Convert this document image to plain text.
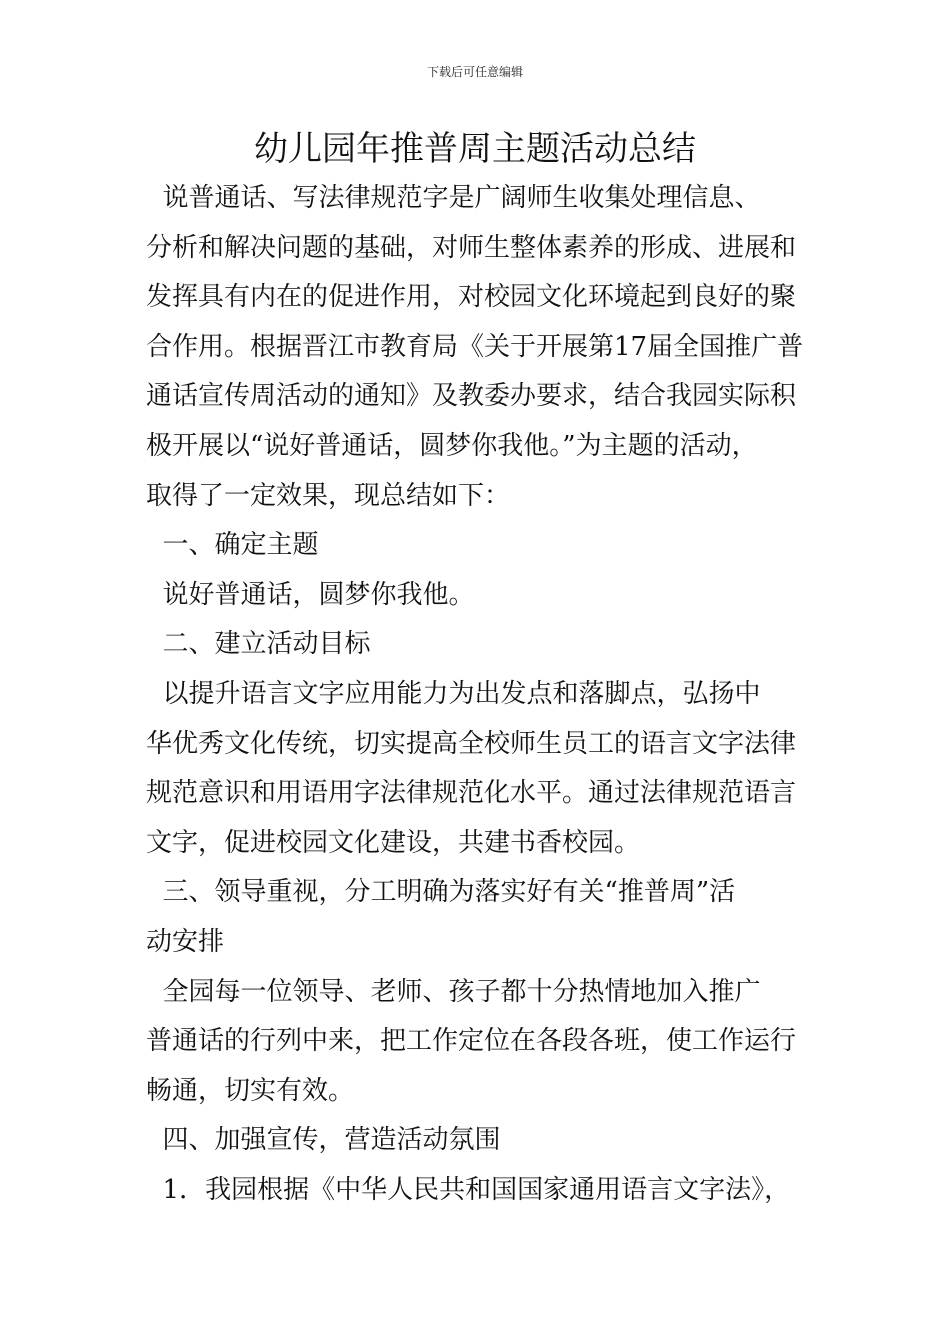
下载后可任意编辑
幼儿园年推普周主题活动总结
说普通话、写法律规范字是广阔师生收集处理信息、
分析和解决问题的基础，对师生整体素养的形成、进展和
发挥具有内在的促进作用，对校园文化环境起到良好的聚
合作用。根据晋江市教育局《关于开展第17届全国推广普
通话宣传周活动的通知》及教委办要求，结合我园实际积
极开展以“说好普通话，圆梦你我他。”为主题的活动，
取得了一定效果，现总结如下：
一、确定主题
说好普通话，圆梦你我他。
二、建立活动目标
以提升语言文字应用能力为出发点和落脚点，弘扬中
华优秀文化传统，切实提高全校师生员工的语言文字法律
规范意识和用语用字法律规范化水平。通过法律规范语言
文字，促进校园文化建设，共建书香校园。
三、领导重视，分工明确为落实好有关“推普周”活
动安排
全园每一位领导、老师、孩子都十分热情地加入推广
普通话的行列中来，把工作定位在各段各班，使工作运行
畅通，切实有效。
四、加强宣传，营造活动氛围
1．我园根据《中华人民共和国国家通用语言文字法》，
